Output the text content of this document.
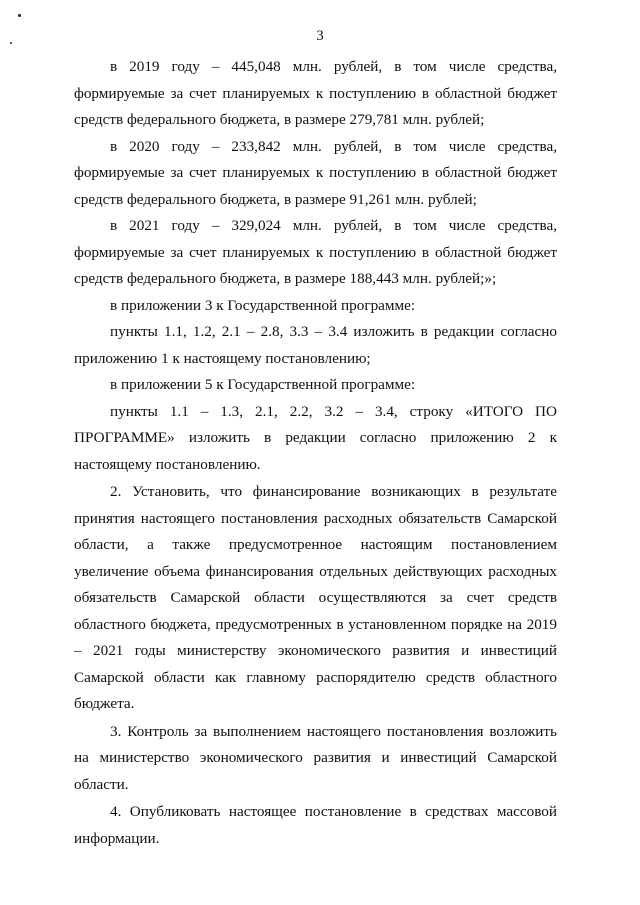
3

в 2019 году – 445,048 млн. рублей, в том числе средства, формируемые за счет планируемых к поступлению в областной бюджет средств федерального бюджета, в размере 279,781 млн. рублей;

в 2020 году – 233,842 млн. рублей, в том числе средства, формируемые за счет планируемых к поступлению в областной бюджет средств федерального бюджета, в размере 91,261 млн. рублей;

в 2021 году – 329,024 млн. рублей, в том числе средства, формируемые за счет планируемых к поступлению в областной бюджет средств федерального бюджета, в размере 188,443 млн. рублей;»;

в приложении 3 к Государственной программе:

пункты 1.1, 1.2, 2.1 – 2.8, 3.3 – 3.4 изложить в редакции согласно приложению 1 к настоящему постановлению;

в приложении 5 к Государственной программе:

пункты 1.1 – 1.3, 2.1, 2.2, 3.2 – 3.4, строку «ИТОГО ПО ПРОГРАММЕ» изложить в редакции согласно приложению 2 к настоящему постановлению.

2. Установить, что финансирование возникающих в результате принятия настоящего постановления расходных обязательств Самарской области, а также предусмотренное настоящим постановлением увеличение объема финансирования отдельных действующих расходных обязательств Самарской области осуществляются за счет средств областного бюджета, предусмотренных в установленном порядке на 2019 – 2021 годы министерству экономического развития и инвестиций Самарской области как главному распорядителю средств областного бюджета.

3. Контроль за выполнением настоящего постановления возложить на министерство экономического развития и инвестиций Самарской области.

4. Опубликовать настоящее постановление в средствах массовой информации.
